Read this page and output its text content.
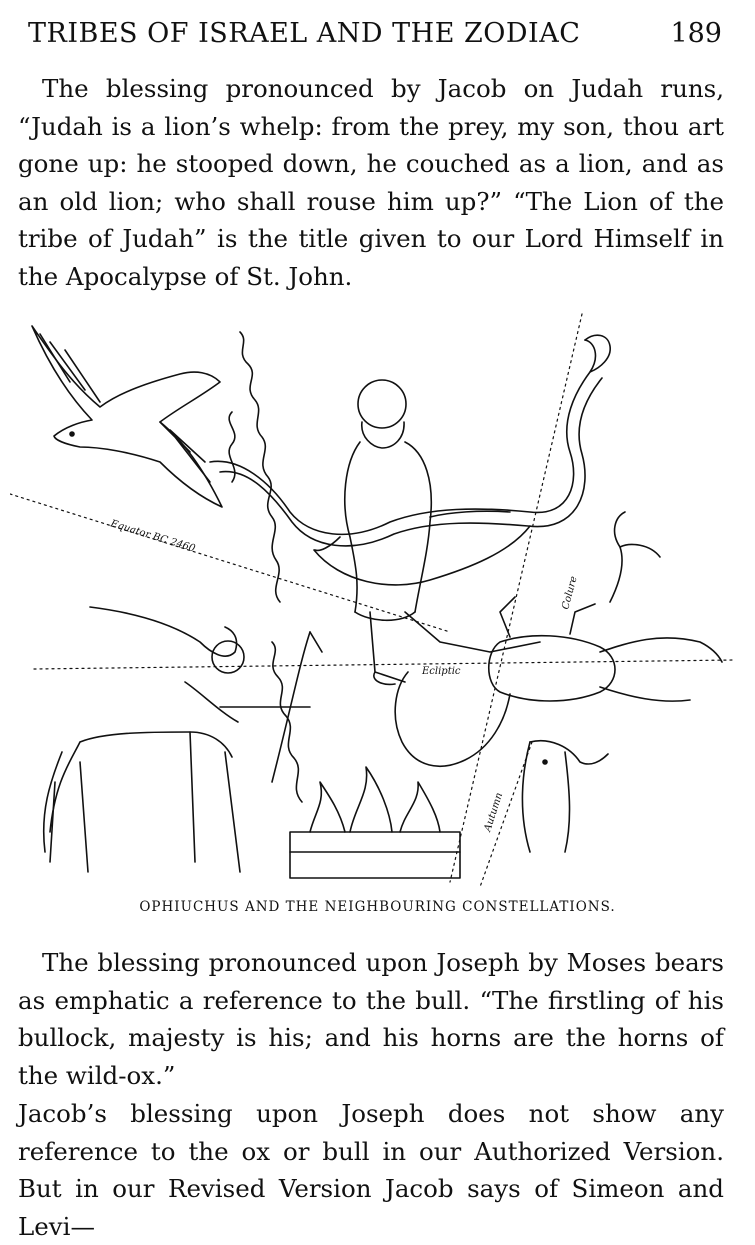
TRIBES OF ISRAEL AND THE ZODIAC	189

The blessing pronounced by Jacob on Judah runs, “Judah is a lion’s whelp: from the prey, my son, thou art gone up: he stooped down, he couched as a lion, and as an old lion; who shall rouse him up?” “The Lion of the tribe of Judah” is the title given to our Lord Himself in the Apocalypse of St. John.

Equator BC 2460
Ecliptic
Colure
Autumn
OPHIUCHUS AND THE NEIGHBOURING CONSTELLATIONS.

The blessing pronounced upon Joseph by Moses bears as emphatic a reference to the bull. “The firstling of his bullock, majesty is his; and his horns are the horns of the wild-ox.”

Jacob’s blessing upon Joseph does not show any reference to the ox or bull in our Authorized Version. But in our Revised Version Jacob says of Simeon and Levi—
